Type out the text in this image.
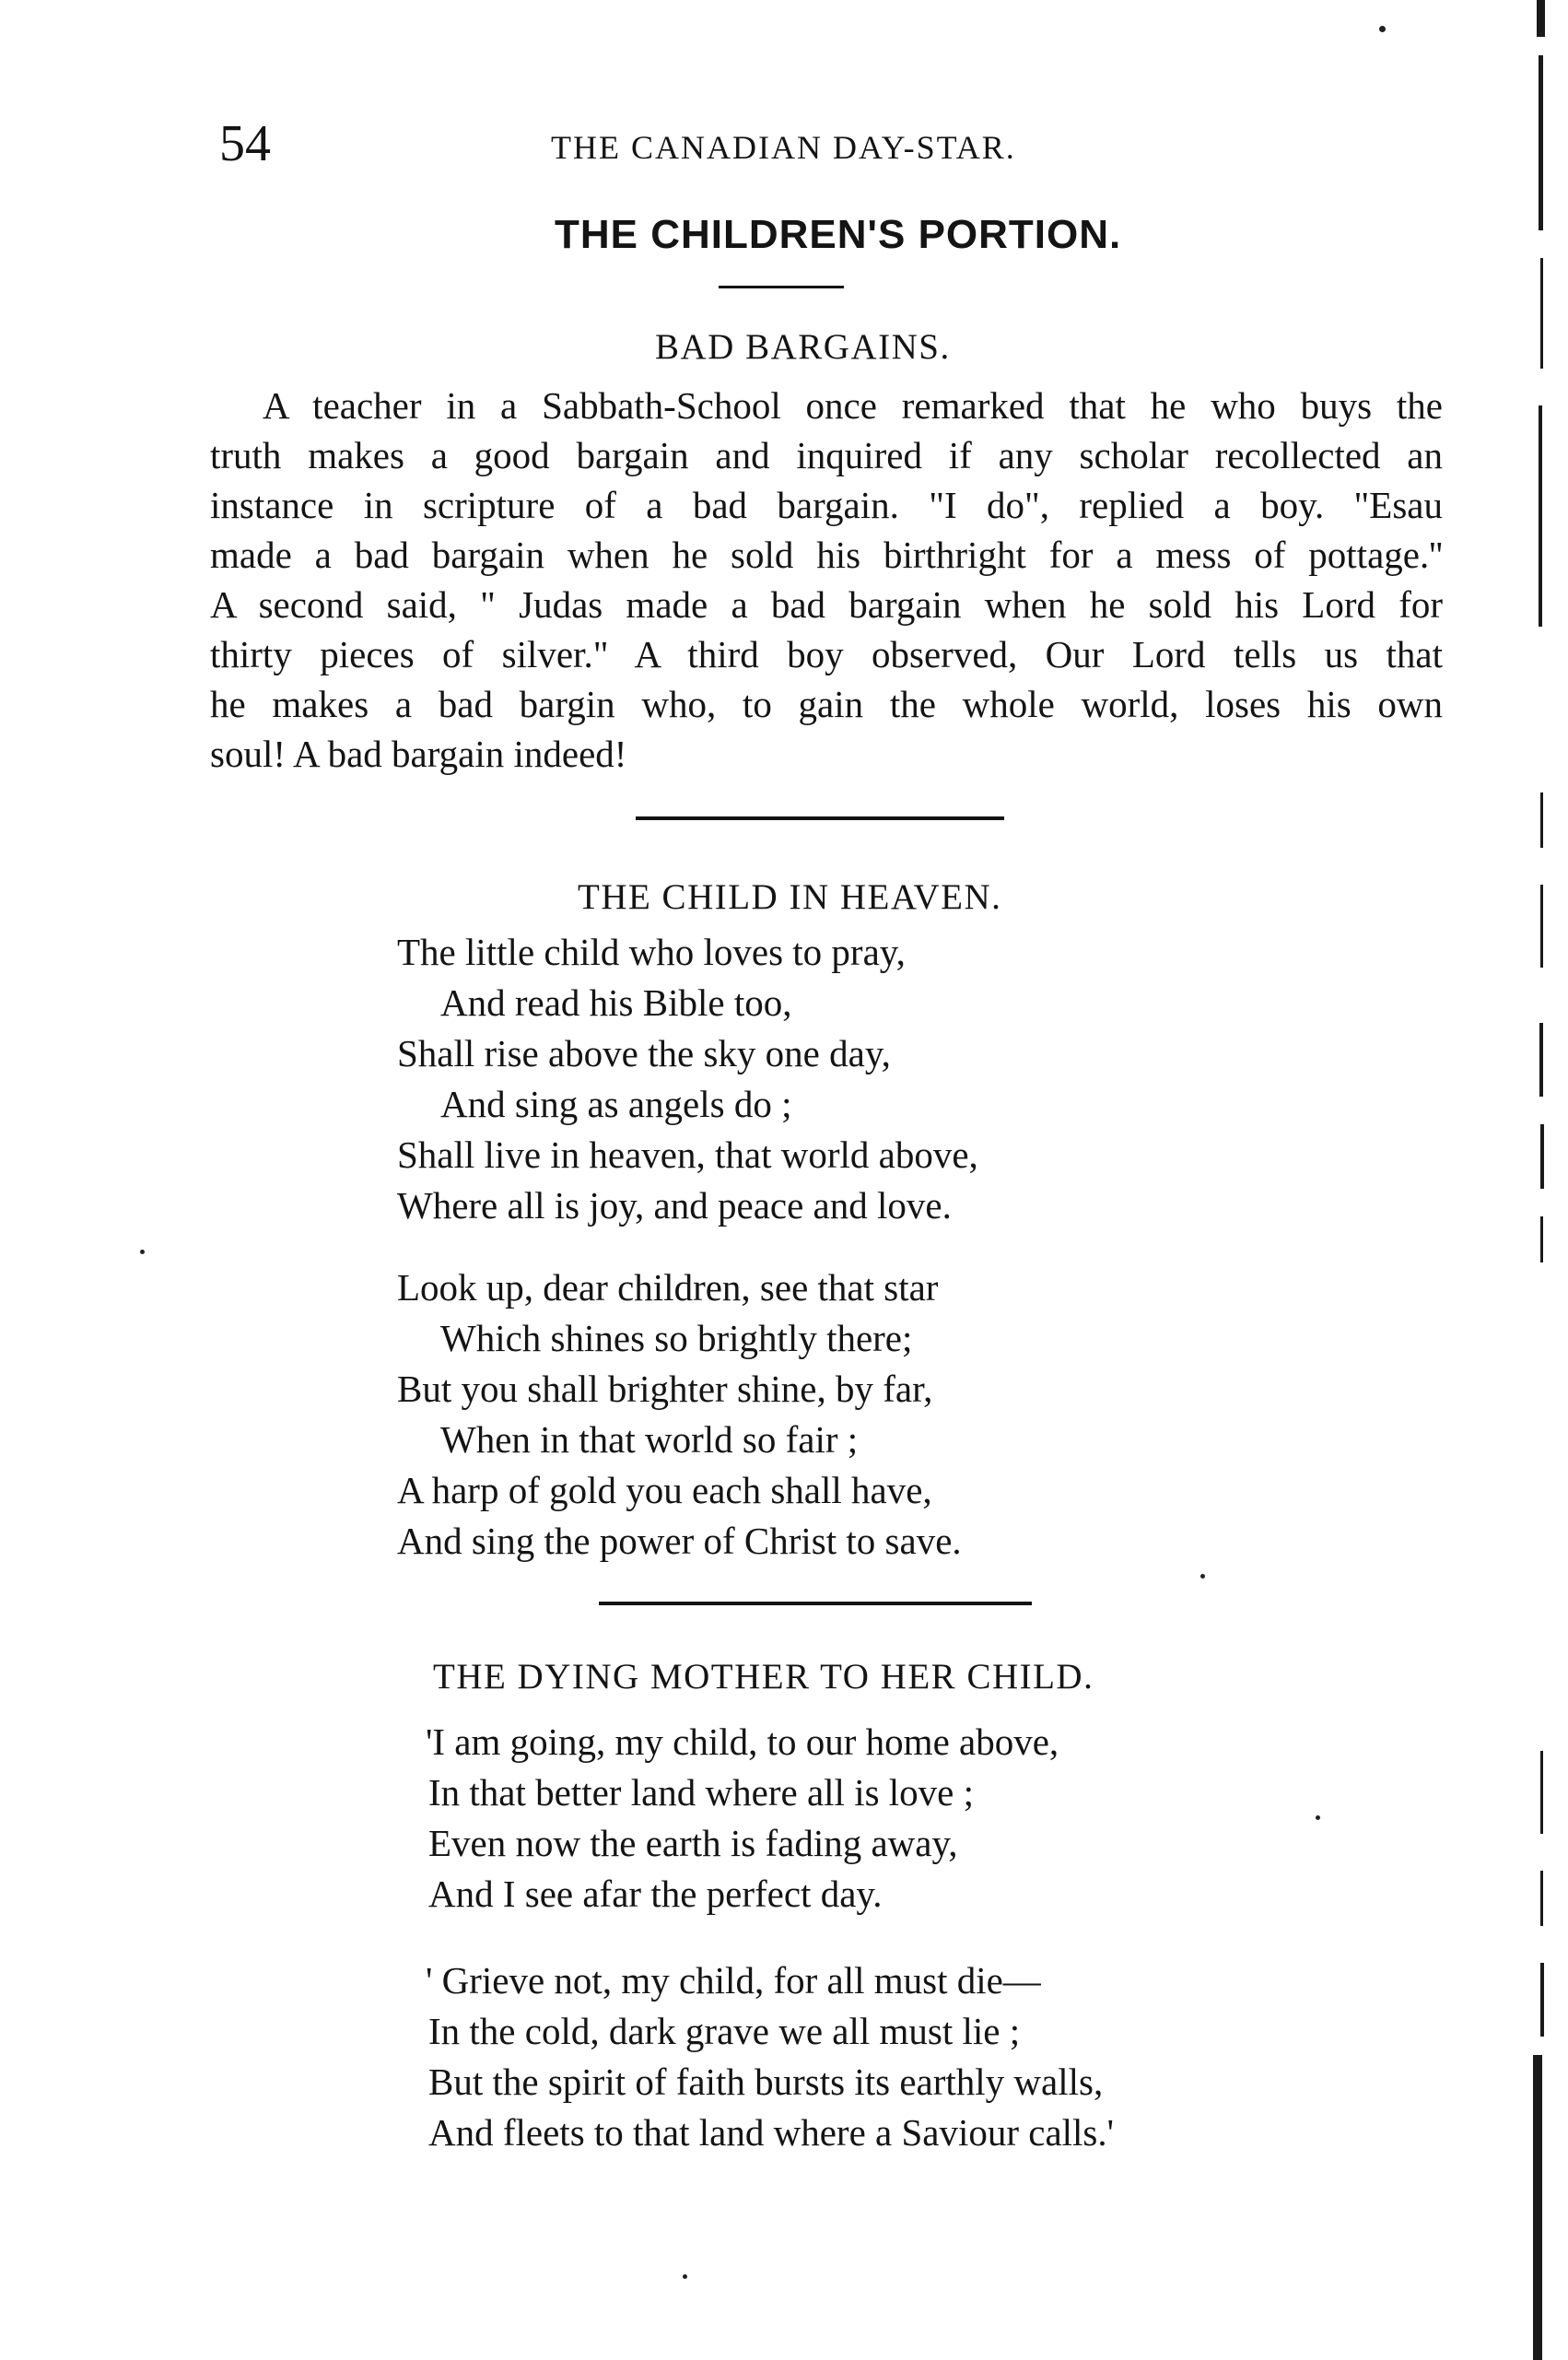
54	THE CANADIAN DAY-STAR.
THE CHILDREN'S PORTION.
BAD BARGAINS.
A teacher in a Sabbath-School once remarked that he who buys the
truth makes a good bargain and inquired if any scholar recollected an
instance in scripture of a bad bargain. "I do", replied a boy. "Esau
made a bad bargain when he sold his birthright for a mess of pottage.''
A second said, " Judas made a bad bargain when he sold his Lord for
thirty pieces of silver." A third boy observed, Our Lord tells us that
he makes a bad bargin who, to gain the whole world, loses his own
soul! A bad bargain indeed!
THE CHILD IN HEAVEN.
The little child who loves to pray,
And read his Bible too,
Shall rise above the sky one day,
And sing as angels do ;
Shall live in heaven, that world above,
Where all is joy, and peace and love.
Look up, dear children, see that star
Which shines so brightly there;
But you shall brighter shine, by far,
When in that world so fair ;
A harp of gold you each shall have,
And sing the power of Christ to save.
THE DYING MOTHER TO HER CHILD.
'I am going, my child, to our home above,
In that better land where all is love ;
Even now the earth is fading away,
And I see afar the perfect day.
' Grieve not, my child, for all must die—
In the cold, dark grave we all must lie ;
But the spirit of faith bursts its earthly walls,
And fleets to that land where a Saviour calls.'
